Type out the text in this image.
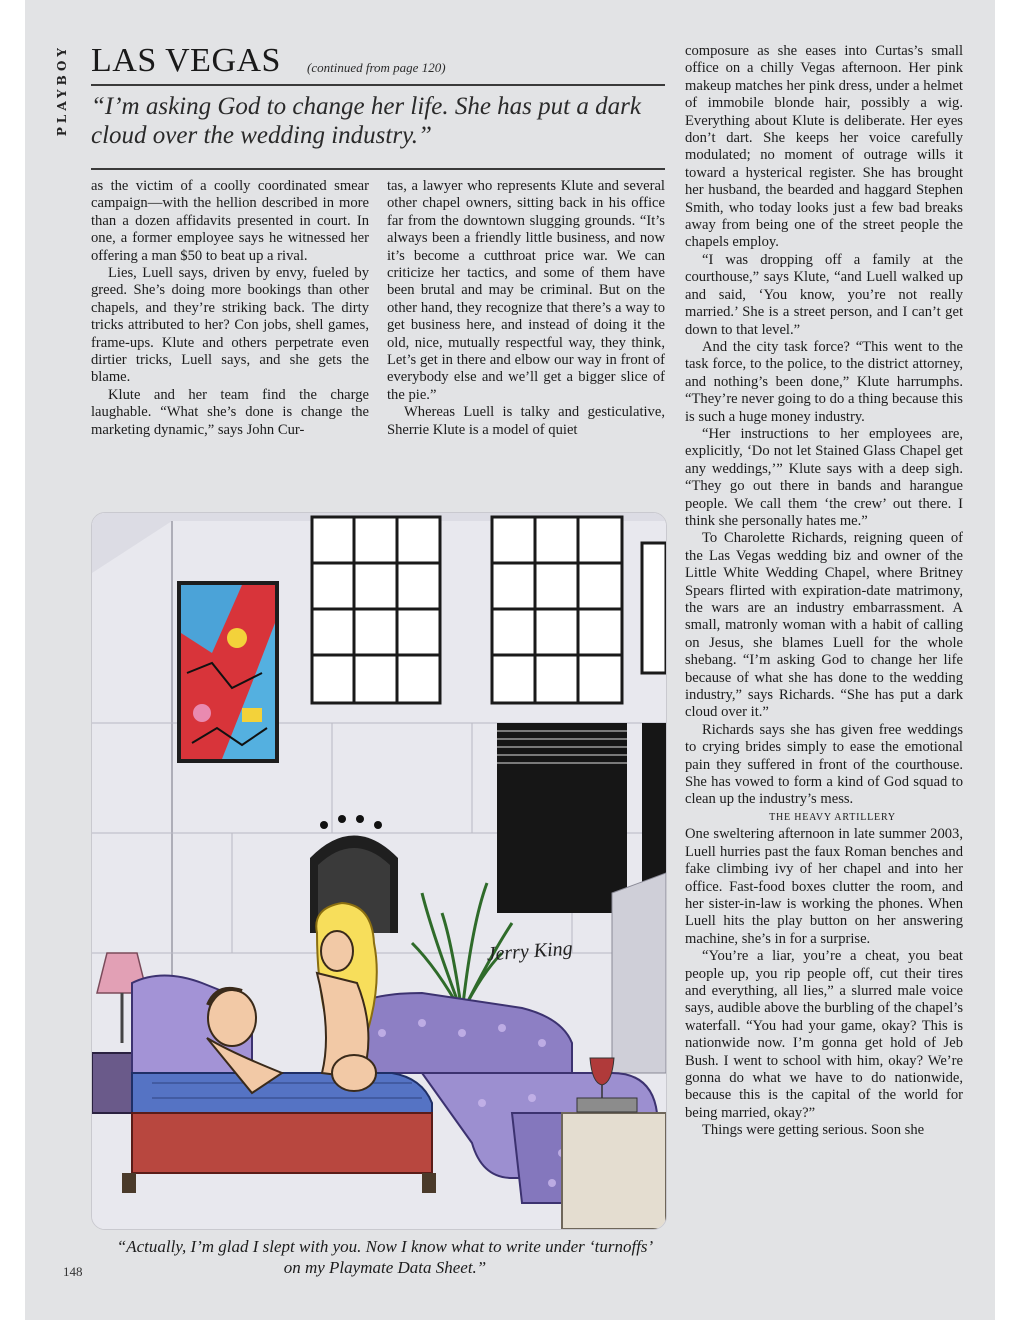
PLAYBOY LAS VEGAS (continued from page 120)

“I’m asking God to change her life. She has put a dark cloud over the wedding industry.”

as the victim of a coolly coordinated smear campaign—with the hellion described in more than a dozen affidavits presented in court. In one, a former employee says he witnessed her offering a man $50 to beat up a rival.

Lies, Luell says, driven by envy, fueled by greed. She’s doing more bookings than other chapels, and they’re striking back. The dirty tricks attributed to her? Con jobs, shell games, frame-ups. Klute and others perpetrate even dirtier tricks, Luell says, and she gets the blame.

Klute and her team find the charge laughable. “What she’s done is change the marketing dynamic,” says John Cur-

tas, a lawyer who represents Klute and several other chapel owners, sitting back in his office far from the downtown slugging grounds. “It’s always been a friendly little business, and now it’s become a cutthroat price war. We can criticize her tactics, and some of them have been brutal and may be criminal. But on the other hand, they recognize that there’s a way to get business here, and instead of doing it the old, nice, mutually respectful way, they think, Let’s get in there and elbow our way in front of everybody else and we’ll get a bigger slice of the pie.”

Whereas Luell is talky and gesticulative, Sherrie Klute is a model of quiet

composure as she eases into Curtas’s small office on a chilly Vegas afternoon. Her pink makeup matches her pink dress, under a helmet of immobile blonde hair, possibly a wig. Everything about Klute is deliberate. Her eyes don’t dart. She keeps her voice carefully modulated; no moment of outrage wills it toward a hysterical register. She has brought her husband, the bearded and haggard Stephen Smith, who today looks just a few bad breaks away from being one of the street people the chapels employ.

“I was dropping off a family at the courthouse,” says Klute, “and Luell walked up and said, ‘You know, you’re not really married.’ She is a street person, and I can’t get down to that level.”

And the city task force? “This went to the task force, to the police, to the district attorney, and nothing’s been done,” Klute harrumphs. “They’re never going to do a thing because this is such a huge money industry.

“Her instructions to her employees are, explicitly, ‘Do not let Stained Glass Chapel get any weddings,’” Klute says with a deep sigh. “They go out there in bands and harangue people. We call them ‘the crew’ out there. I think she personally hates me.”

To Charolette Richards, reigning queen of the Las Vegas wedding biz and owner of the Little White Wedding Chapel, where Britney Spears flirted with expiration-date matrimony, the wars are an industry embarrassment. A small, matronly woman with a habit of calling on Jesus, she blames Luell for the whole shebang. “I’m asking God to change her life because of what she has done to the wedding industry,” says Richards. “She has put a dark cloud over it.”

Richards says she has given free weddings to crying brides simply to ease the emotional pain they suffered in front of the courthouse. She has vowed to form a kind of God squad to clean up the industry’s mess.

THE HEAVY ARTILLERY

One sweltering afternoon in late summer 2003, Luell hurries past the faux Roman benches and fake climbing ivy of her chapel and into her office. Fast-food boxes clutter the room, and her sister-in-law is working the phones. When Luell hits the play button on her answering machine, she’s in for a surprise.

“You’re a liar, you’re a cheat, you beat people up, you rip people off, cut their tires and everything, all lies,” a slurred male voice says, audible above the burbling of the chapel’s waterfall. “You had your game, okay? This is nationwide now. I’m gonna get hold of Jeb Bush. I went to school with him, okay? We’re gonna do what we have to do nationwide, because this is the capital of the world for being married, okay?”

Things were getting serious. Soon she

Jerry King

“Actually, I’m glad I slept with you. Now I know what to write under ‘turnoffs’ on my Playmate Data Sheet.”

148
